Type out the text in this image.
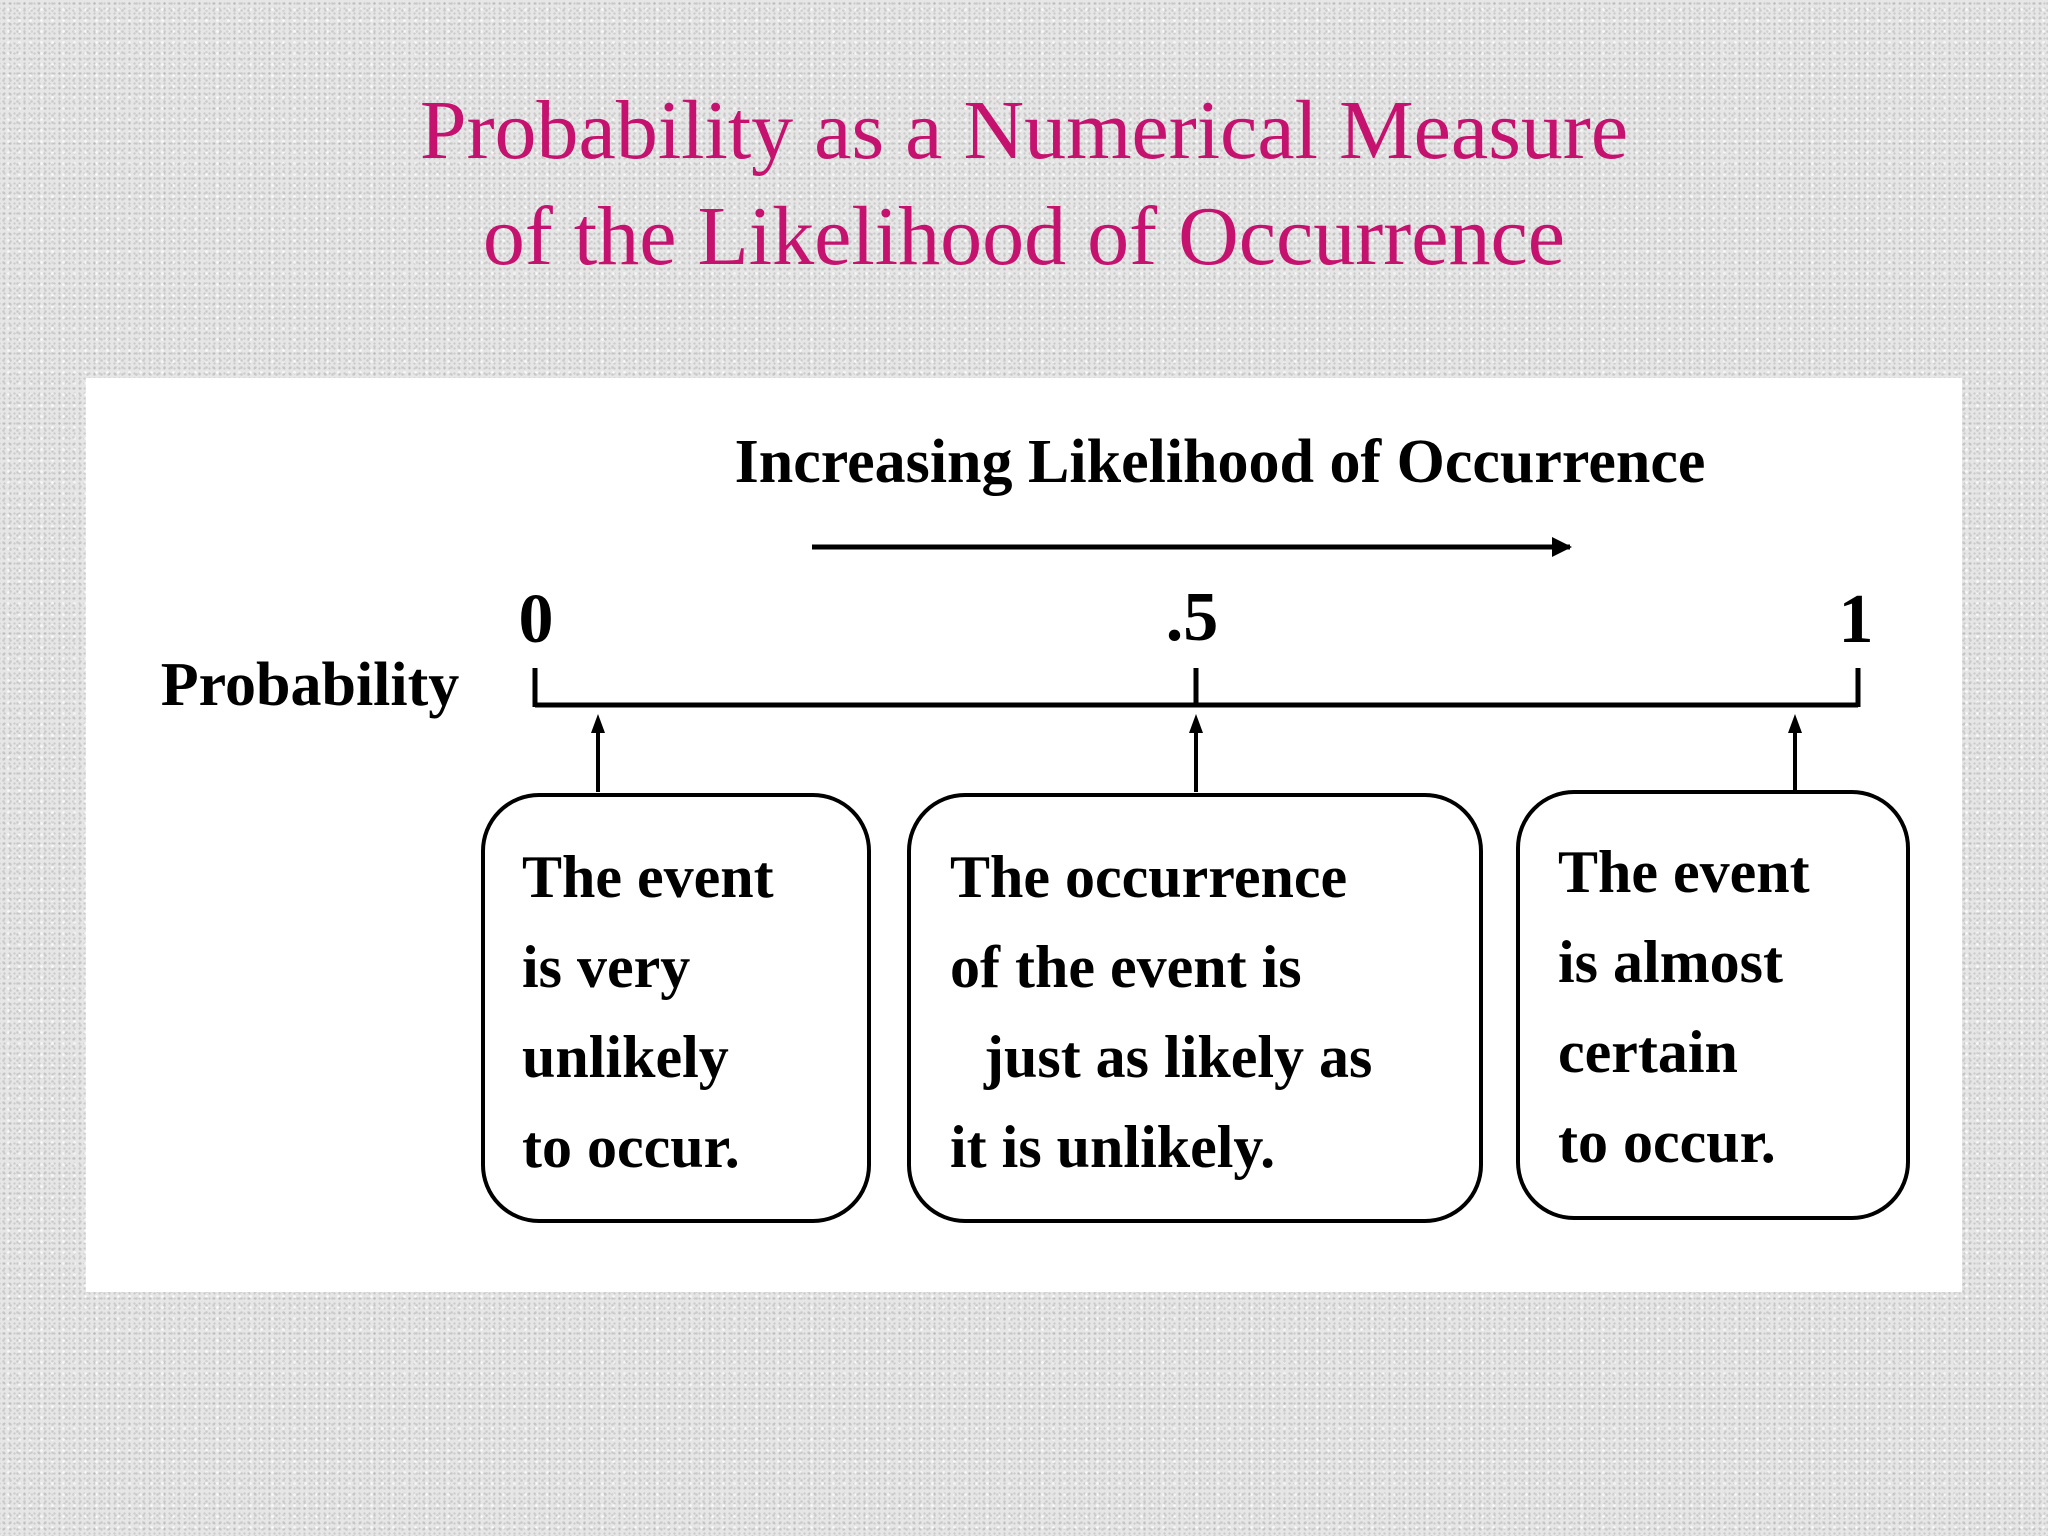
Probability as a Numerical Measure
of the Likelihood of Occurrence
Increasing Likelihood of Occurrence
Probability
0	.5	1
The event
is very
unlikely
to occur.
The occurrence
of the event is
just as likely as
it is unlikely.
The event
is almost
certain
to occur.
